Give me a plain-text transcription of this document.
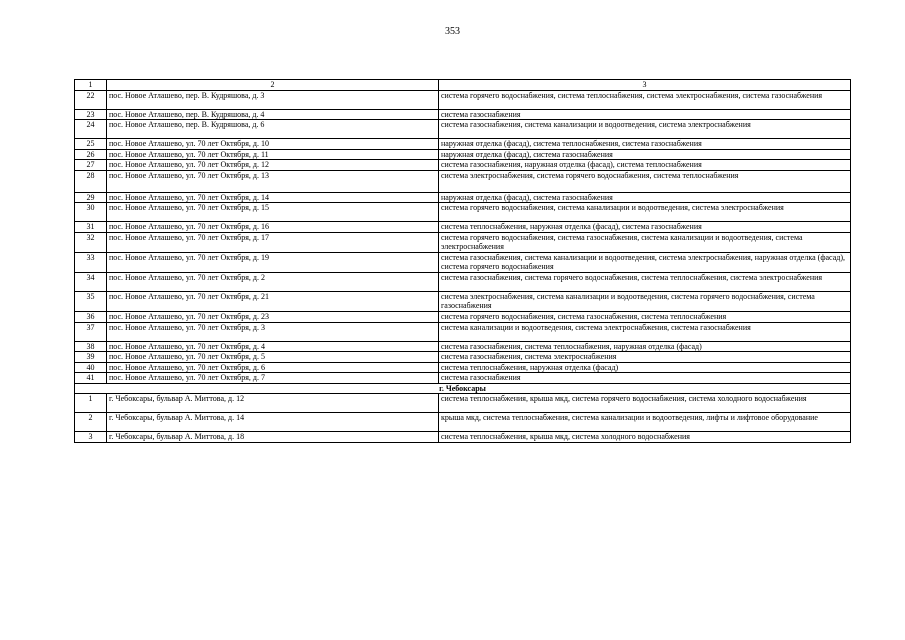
353
1	2	3
22	пос. Новое Атлашево, пер. В. Кудряшова, д. 3	система горячего водоснабжения, система теплоснабжения, система электроснабжения, система газоснабжения
23	пос. Новое Атлашево, пер. В. Кудряшова, д. 4	система газоснабжения
24	пос. Новое Атлашево, пер. В. Кудряшова, д. 6	система газоснабжения, система канализации и водоотведения, система электроснабжения
25	пос. Новое Атлашево, ул. 70 лет Октября, д. 10	наружная отделка (фасад), система теплоснабжения, система газоснабжения
26	пос. Новое Атлашево, ул. 70 лет Октября, д. 11	наружная отделка (фасад), система газоснабжения
27	пос. Новое Атлашево, ул. 70 лет Октября, д. 12	система газоснабжения, наружная отделка (фасад), система теплоснабжения
28	пос. Новое Атлашево, ул. 70 лет Октября, д. 13	система электроснабжения, система горячего водоснабжения, система теплоснабжения
29	пос. Новое Атлашево, ул. 70 лет Октября, д. 14	наружная отделка (фасад), система газоснабжения
30	пос. Новое Атлашево, ул. 70 лет Октября, д. 15	система горячего водоснабжения, система канализации и водоотведения, система электроснабжения
31	пос. Новое Атлашево, ул. 70 лет Октября, д. 16	система теплоснабжения, наружная отделка (фасад), система газоснабжения
32	пос. Новое Атлашево, ул. 70 лет Октября, д. 17	система горячего водоснабжения, система газоснабжения, система канализации и водоотведения, система электроснабжения
33	пос. Новое Атлашево, ул. 70 лет Октября, д. 19	система газоснабжения, система канализации и водоотведения, система электроснабжения, наружная отделка (фасад), система горячего водоснабжения
34	пос. Новое Атлашево, ул. 70 лет Октября, д. 2	система газоснабжения, система горячего водоснабжения, система теплоснабжения, система электроснабжения
35	пос. Новое Атлашево, ул. 70 лет Октября, д. 21	система электроснабжения, система канализации и водоотведения, система горячего водоснабжения, система газоснабжения
36	пос. Новое Атлашево, ул. 70 лет Октября, д. 23	система горячего водоснабжения, система газоснабжения, система теплоснабжения
37	пос. Новое Атлашево, ул. 70 лет Октября, д. 3	система канализации и водоотведения, система электроснабжения, система газоснабжения
38	пос. Новое Атлашево, ул. 70 лет Октября, д. 4	система газоснабжения, система теплоснабжения, наружная отделка (фасад)
39	пос. Новое Атлашево, ул. 70 лет Октября, д. 5	система газоснабжения, система электроснабжения
40	пос. Новое Атлашево, ул. 70 лет Октября, д. 6	система теплоснабжения, наружная отделка (фасад)
41	пос. Новое Атлашево, ул. 70 лет Октября, д. 7	система газоснабжения
г. Чебоксары		
1	г. Чебоксары, бульвар А. Миттова, д. 12	система теплоснабжения, крыша мкд, система горячего водоснабжения, система холодного водоснабжения
2	г. Чебоксары, бульвар А. Миттова, д. 14	крыша мкд, система теплоснабжения, система канализации и водоотведения, лифты и лифтовое оборудование
3	г. Чебоксары, бульвар А. Миттова, д. 18	система теплоснабжения, крыша мкд, система холодного водоснабжения
